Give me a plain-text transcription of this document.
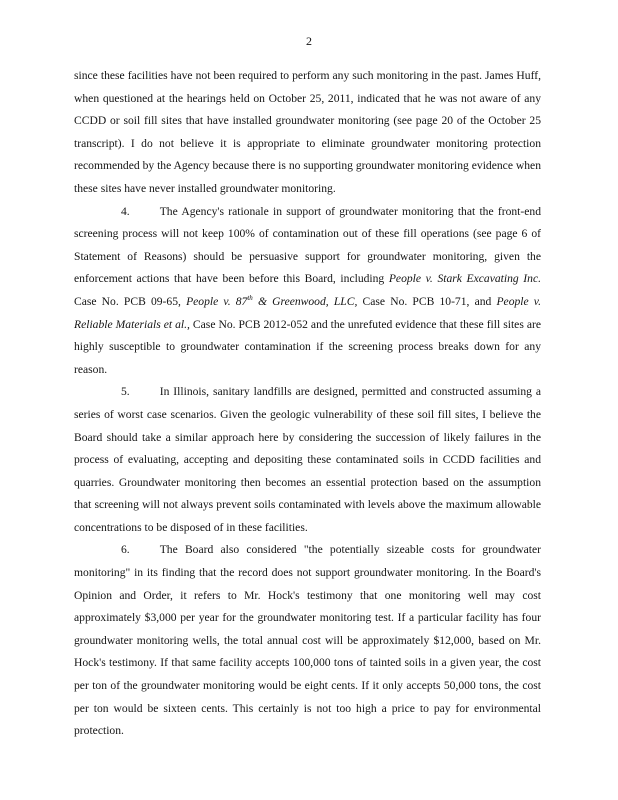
2

since these facilities have not been required to perform any such monitoring in the past. James Huff, when questioned at the hearings held on October 25, 2011, indicated that he was not aware of any CCDD or soil fill sites that have installed groundwater monitoring (see page 20 of the October 25 transcript). I do not believe it is appropriate to eliminate groundwater monitoring protection recommended by the Agency because there is no supporting groundwater monitoring evidence when these sites have never installed groundwater monitoring.

4.	The Agency's rationale in support of groundwater monitoring that the front-end screening process will not keep 100% of contamination out of these fill operations (see page 6 of Statement of Reasons) should be persuasive support for groundwater monitoring, given the enforcement actions that have been before this Board, including People v. Stark Excavating Inc. Case No. PCB 09-65, People v. 87th & Greenwood, LLC, Case No. PCB 10-71, and People v. Reliable Materials et al., Case No. PCB 2012-052 and the unrefuted evidence that these fill sites are highly susceptible to groundwater contamination if the screening process breaks down for any reason.

5.	In Illinois, sanitary landfills are designed, permitted and constructed assuming a series of worst case scenarios. Given the geologic vulnerability of these soil fill sites, I believe the Board should take a similar approach here by considering the succession of likely failures in the process of evaluating, accepting and depositing these contaminated soils in CCDD facilities and quarries. Groundwater monitoring then becomes an essential protection based on the assumption that screening will not always prevent soils contaminated with levels above the maximum allowable concentrations to be disposed of in these facilities.

6.	The Board also considered "the potentially sizeable costs for groundwater monitoring" in its finding that the record does not support groundwater monitoring. In the Board's Opinion and Order, it refers to Mr. Hock's testimony that one monitoring well may cost approximately $3,000 per year for the groundwater monitoring test. If a particular facility has four groundwater monitoring wells, the total annual cost will be approximately $12,000, based on Mr. Hock's testimony. If that same facility accepts 100,000 tons of tainted soils in a given year, the cost per ton of the groundwater monitoring would be eight cents. If it only accepts 50,000 tons, the cost per ton would be sixteen cents. This certainly is not too high a price to pay for environmental protection.
